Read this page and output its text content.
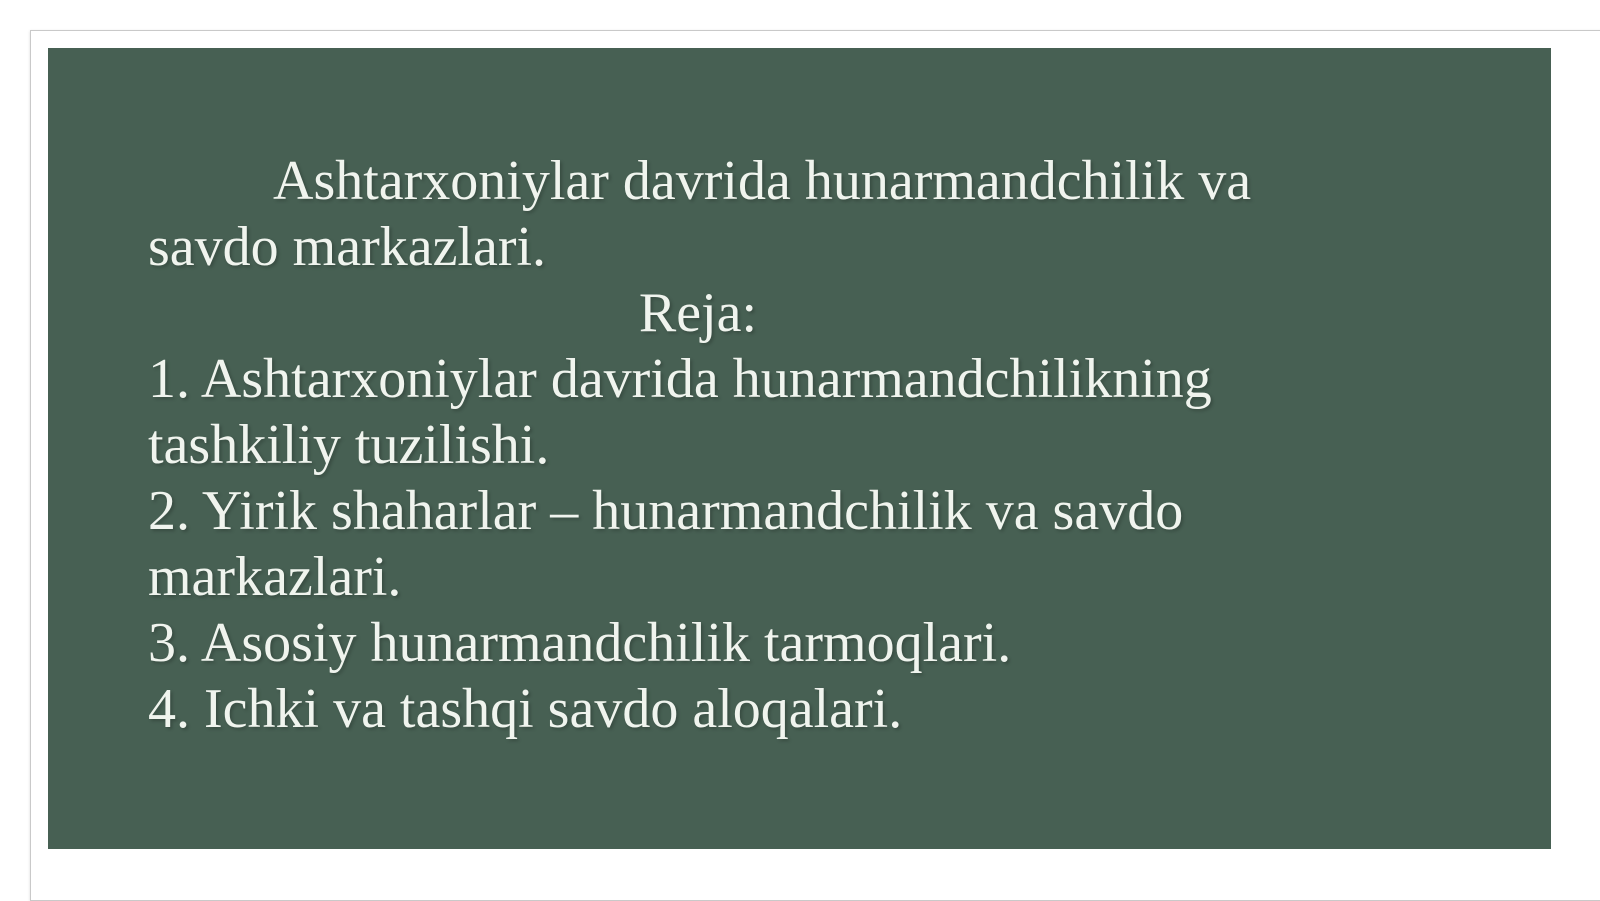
Ashtarxoniylar davrida hunarmandchilik va
savdo markazlari.
Reja:
1. Ashtarxoniylar davrida hunarmandchilikning
tashkiliy tuzilishi.
2. Yirik shaharlar – hunarmandchilik va savdo
markazlari.
3. Asosiy hunarmandchilik tarmoqlari.
4. Ichki va tashqi savdo aloqalari.
